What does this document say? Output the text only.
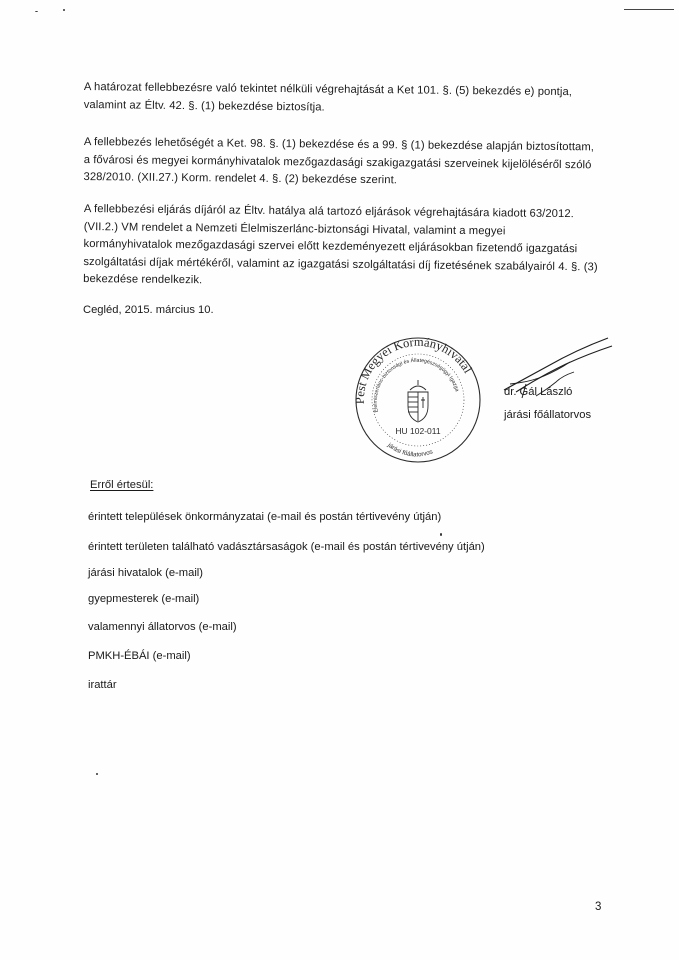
A határozat fellebbezésre való tekintet nélküli végrehajtását a Ket 101. §. (5) bekezdés e) pontja,

valamint az Éltv. 42. §. (1) bekezdése biztosítja.

A fellebbezés lehetőségét a Ket. 98. §. (1) bekezdése és a 99. § (1) bekezdése alapján biztosítottam,

a fővárosi és megyei kormányhivatalok mezőgazdasági szakigazgatási szerveinek kijelöléséről szóló

328/2010. (XII.27.) Korm. rendelet 4. §. (2) bekezdése szerint.

A fellebbezési eljárás díjáról az Éltv. hatálya alá tartozó eljárások végrehajtására kiadott 63/2012.

(VII.2.) VM rendelet a Nemzeti Élelmiszerlánc-biztonsági Hivatal, valamint a megyei

kormányhivatalok mezőgazdasági szervei előtt kezdeményezett eljárásokban fizetendő igazgatási

szolgáltatási díjak mértékéről, valamint az igazgatási szolgáltatási díj fizetésének szabályairól 4. §. (3)

bekezdése rendelkezik.

Cegléd, 2015. március 10.
Pest Megyei Kormányhivatal
Élelmiszerlánc-biztonsági és Állategészségügyi Igazga
HU 102-011
járási főállatorvos
dr. Gál László
járási főállatorvos
Erről értesül:
érintett települések önkormányzatai (e-mail és postán tértivevény útján)
érintett területen található vadásztársaságok (e-mail és postán tértivevény útján)
járási hivatalok (e-mail)
gyepmesterek (e-mail)
valamennyi állatorvos (e-mail)
PMKH-ÉBÁI (e-mail)
irattár
3
